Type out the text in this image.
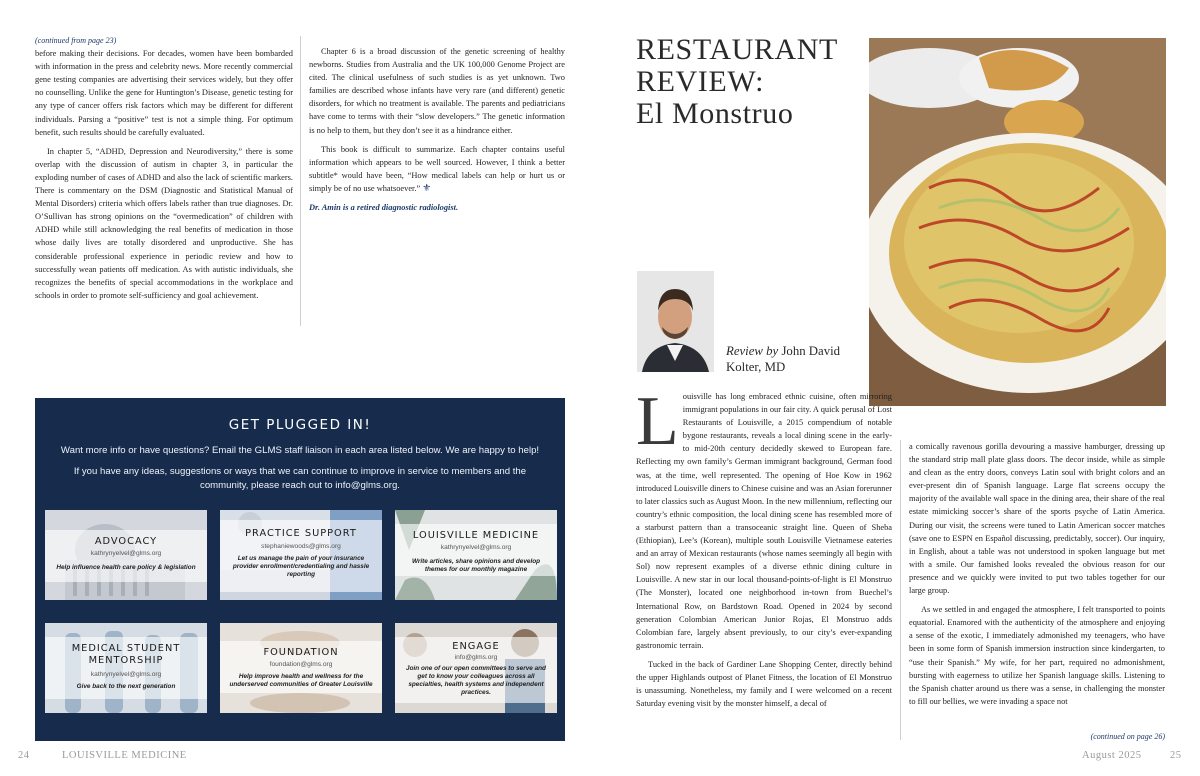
(continued from page 23)

before making their decisions. For decades, women have been bombarded with information in the press and celebrity news. More recently commercial gene testing companies are advertising their services widely, but they offer no counselling. Unlike the gene for Huntington’s Disease, genetic testing for any type of cancer offers risk factors which may be different for different individuals. Parsing a “positive” test is not a simple thing. For optimum benefit, such results should be carefully evaluated.

In chapter 5, “ADHD, Depression and Neurodiversity,” there is some overlap with the discussion of autism in chapter 3, in particular the exploding number of cases of ADHD and also the lack of scientific markers. There is commentary on the DSM (Diagnostic and Statistical Manual of Mental Disorders) criteria which offers labels rather than true diagnoses. Dr. O’Sullivan has strong opinions on the “overmedication” of children with ADHD while still acknowledging the real benefits of medication in those whose daily lives are totally disordered and unproductive. She has considerable professional experience in periodic review and how to successfully wean patients off medication. As with autistic individuals, she recognizes the benefits of special accommodations in the workplace and schools in order to promote self-sufficiency and goal achievement.

Chapter 6 is a broad discussion of the genetic screening of healthy newborns. Studies from Australia and the UK 100,000 Genome Project are cited. The clinical usefulness of such studies is as yet unknown. Two families are described whose infants have very rare (and different) genetic disorders, for which no treatment is available. The parents and pediatricians have come to terms with their “slow developers.” The genetic information is no help to them, but they don’t see it as a hindrance either.

This book is difficult to summarize. Each chapter contains useful information which appears to be well sourced. However, I think a better subtitle* would have been, “How medical labels can help or hurt us or simply be of no use whatsoever.” ⚜

Dr. Amin is a retired diagnostic radiologist.

GET PLUGGED IN!
Want more info or have questions? Email the GLMS staff liaison in each area listed below. We are happy to help!
If you have any ideas, suggestions or ways that we can continue to improve in service to members and the community, please reach out to info@glms.org.
ADVOCACY
kathrynyelvel@glms.org
Help influence health care policy & legislation
PRACTICE SUPPORT
stephaniewoods@glms.org
Let us manage the pain of your insurance provider enrollment/credentialing and hassle reporting
LOUISVILLE MEDICINE
kathrynyelvel@glms.org
Write articles, share opinions and develop themes for our monthly magazine
MEDICAL STUDENT MENTORSHIP
kathrynyelvel@glms.org
Give back to the next generation
FOUNDATION
foundation@glms.org
Help improve health and wellness for the underserved communities of Greater Louisville
ENGAGE
info@glms.org
Join one of our open committees to serve and get to know your colleagues across all specialties, health systems and independent practices.
24	LOUISVILLE MEDICINE
RESTAURANT
REVIEW:
El Monstruo
Review by John David
Kolter, MD

Louisville has long embraced ethnic cuisine, often mirroring immigrant populations in our fair city. A quick perusal of Lost Restaurants of Louisville, a 2015 compendium of notable bygone restaurants, reveals a local dining scene in the early- to mid-20th century decidedly skewed to European fare. Reflecting my own family’s German immigrant background, German food was, at the time, well represented. The opening of Hoe Kow in 1962 introduced Louisville diners to Chinese cuisine and was an Asian forerunner to later classics such as August Moon. In the new millennium, reflecting our country’s ethnic composition, the local dining scene has resembled more of a starburst pattern than a transoceanic straight line. Queen of Sheba (Ethiopian), Lee’s (Korean), multiple south Louisville Vietnamese eateries and an array of Mexican restaurants (whose names seemingly all begin with Sol) now represent examples of a diverse ethnic dining culture in Louisville. A new star in our local thousand-points-of-light is El Monstruo (The Monster), located one neighborhood in-town from Buechel’s International Row, on Bardstown Road. Opened in 2024 by second generation Colombian American Junior Rojas, El Monstruo adds Colombian fare, largely absent previously, to our city’s ever-expanding gastronomic terrain.

Tucked in the back of Gardiner Lane Shopping Center, directly behind the upper Highlands outpost of Planet Fitness, the location of El Monstruo is unassuming. Nonetheless, my family and I were welcomed on a recent Saturday evening visit by the monster himself, a decal of

a comically ravenous gorilla devouring a massive hamburger, dressing up the standard strip mall plate glass doors. The decor inside, while as simple and clean as the entry doors, conveys Latin soul with bright colors and an ever-present din of Spanish language. Large flat screens occupy the majority of the available wall space in the dining area, their share of the real estate mimicking soccer’s share of the sports psyche of Latin America. During our visit, the screens were tuned to Latin American soccer matches (save one to ESPN en Español discussing, predictably, soccer). Our inquiry, in English, about a table was not understood in spoken language but met with a smile. Our famished looks revealed the obvious reason for our presence and we quickly were invited to put two tables together for our large group.

As we settled in and engaged the atmosphere, I felt transported to points equatorial. Enamored with the authenticity of the atmosphere and enjoying a sense of the exotic, I immediately admonished my teenagers, who have been in some form of Spanish immersion instruction since kindergarten, to “use their Spanish.” My wife, for her part, required no admonishment, bursting with eagerness to utilize her Spanish language skills. Listening to the Spanish chatter around us there was a sense, in challenging the monster to fill our bellies, we were invading a space not

(continued on page 26)
August 2025	25
